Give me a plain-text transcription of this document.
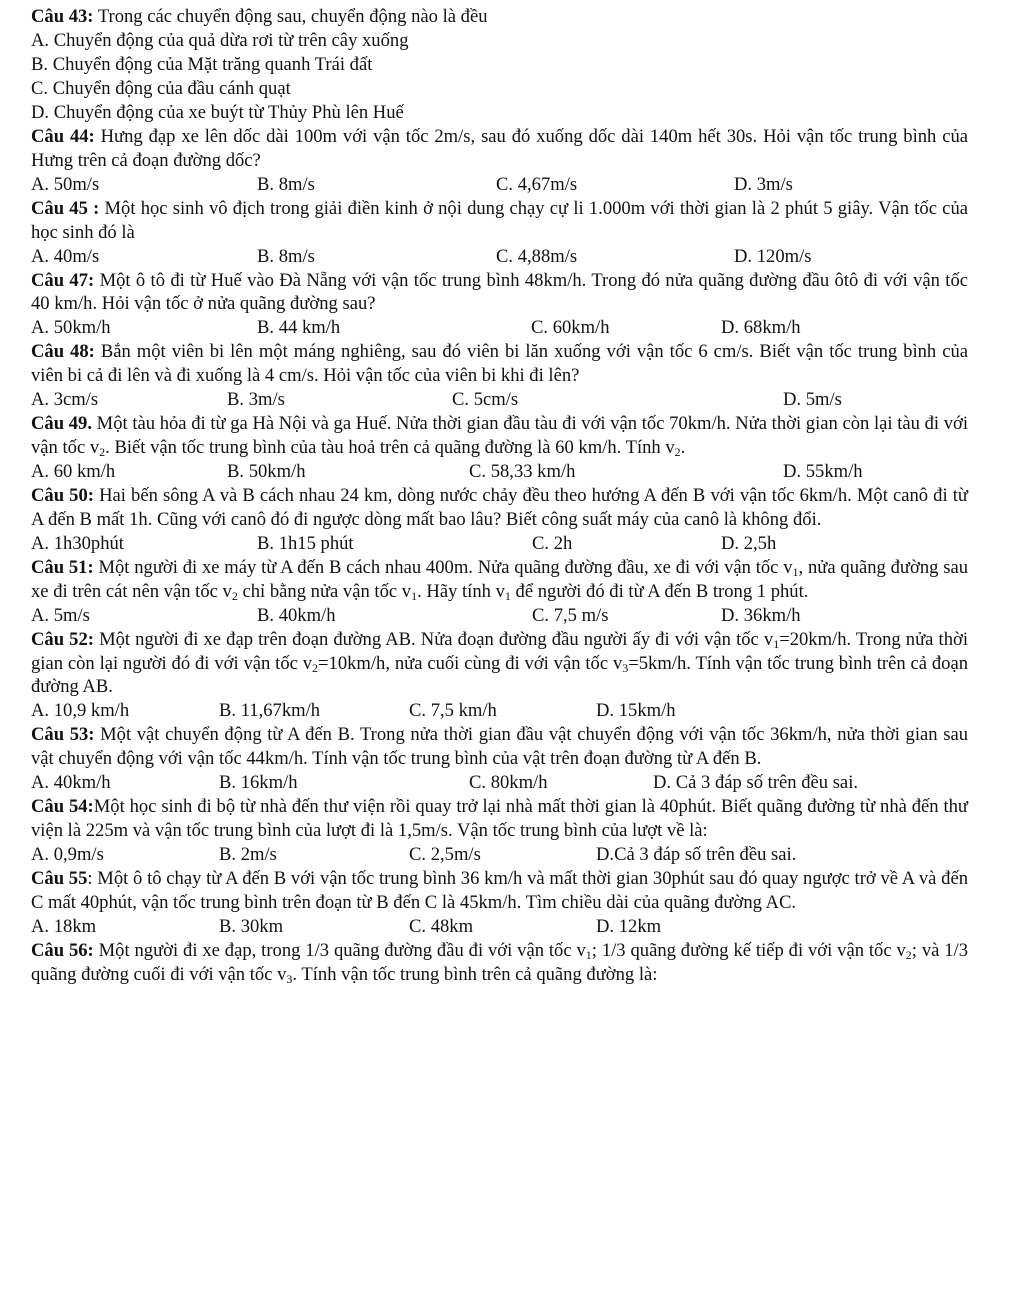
Câu 43: Trong các chuyển động sau, chuyển động nào là đều

A. Chuyển động của quả dừa rơi từ trên cây xuống
B. Chuyển động của Mặt trăng quanh Trái đất
C. Chuyển động của đầu cánh quạt
D. Chuyển động của xe buýt từ Thủy Phù lên Huế

Câu 44: Hưng đạp xe lên dốc dài 100m với vận tốc 2m/s, sau đó xuống dốc dài 140m hết 30s. Hỏi vận tốc trung bình của Hưng trên cả đoạn đường dốc?

A. 50m/s	B. 8m/s	C. 4,67m/s	D. 3m/s

Câu 45 : Một học sinh vô địch trong giải điền kinh ở nội dung chạy cự li 1.000m với thời gian là 2 phút 5 giây. Vận tốc của học sinh đó là

A. 40m/s	B. 8m/s	C. 4,88m/s	D. 120m/s

Câu 47: Một ô tô đi từ Huế vào Đà Nẵng với vận tốc trung bình 48km/h. Trong đó nửa quãng đường đầu ôtô đi với vận tốc 40 km/h. Hỏi vận tốc ở nửa quãng đường sau?

A. 50km/h	B. 44 km/h	C. 60km/h	D. 68km/h

Câu 48: Bắn một viên bi lên một máng nghiêng, sau đó viên bi lăn xuống với vận tốc 6 cm/s. Biết vận tốc trung bình của viên bi cả đi lên và đi xuống là 4 cm/s. Hỏi vận tốc của viên bi khi đi lên?

A. 3cm/s	B. 3m/s	C. 5cm/s	D. 5m/s

Câu 49. Một tàu hỏa đi từ ga Hà Nội và ga Huế. Nửa thời gian đầu tàu đi với vận tốc 70km/h. Nửa thời gian còn lại tàu đi với vận tốc $v_2$. Biết vận tốc trung bình của tàu hoả trên cả quãng đường là 60 km/h. Tính $v_2$.

A. 60 km/h	B. 50km/h	C. 58,33 km/h	D. 55km/h

Câu 50: Hai bến sông A và B cách nhau 24 km, dòng nước chảy đều theo hướng A đến B với vận tốc 6km/h. Một canô đi từ A đến B mất 1h. Cũng với canô đó đi ngược dòng mất bao lâu? Biết công suất máy của canô là không đổi.

A. 1h30phút	B. 1h15 phút	C. 2h	D. 2,5h

Câu 51: Một người đi xe máy từ A đến B cách nhau 400m. Nửa quãng đường đầu, xe đi với vận tốc $v_1$, nửa quãng đường sau xe đi trên cát nên vận tốc $v_2$ chỉ bằng nửa vận tốc $v_1$. Hãy tính $v_1$ để người đó đi từ A đến B trong 1 phút.

A. 5m/s	B. 40km/h	C. 7,5 m/s	D. 36km/h

Câu 52: Một người đi xe đạp trên đoạn đường AB. Nửa đoạn đường đầu người ấy đi với vận tốc $v_1=20km/h$. Trong nửa thời gian còn lại người đó đi với vận tốc $v_2=10km/h$, nửa cuối cùng đi với vận tốc $v_3=5km/h$. Tính vận tốc trung bình trên cả đoạn đường AB.

A. 10,9 km/h	B. 11,67km/h	C. 7,5 km/h	D. 15km/h

Câu 53: Một vật chuyển động từ A đến B. Trong nửa thời gian đầu vật chuyển động với vận tốc 36km/h, nửa thời gian sau vật chuyển động với vận tốc 44km/h. Tính vận tốc trung bình của vật trên đoạn đường từ A đến B.

A. 40km/h	B. 16km/h	C. 80km/h	D. Cả 3 đáp số trên đều sai.

Câu 54:Một học sinh đi bộ từ nhà đến thư viện rồi quay trở lại nhà mất thời gian là 40phút. Biết quãng đường từ nhà đến thư viện là 225m và vận tốc trung bình của lượt đi là 1,5m/s. Vận tốc trung bình của lượt về là:

A. 0,9m/s	B. 2m/s	C. 2,5m/s	D.Cả 3 đáp số trên đều sai.

Câu 55: Một ô tô chạy từ A đến B với vận tốc trung bình 36 km/h và mất thời gian 30phút sau đó quay ngược trở về A và đến C mất 40phút, vận tốc trung bình trên đoạn từ B đến C là 45km/h. Tìm chiều dài của quãng đường AC.

A. 18km	B. 30km	C. 48km	D. 12km

Câu 56: Một người đi xe đạp, trong 1/3 quãng đường đầu đi với vận tốc $v_1$; 1/3 quãng đường kế tiếp đi với vận tốc $v_2$; và 1/3 quãng đường cuối đi với vận tốc $v_3$. Tính vận tốc trung bình trên cả quãng đường là:
